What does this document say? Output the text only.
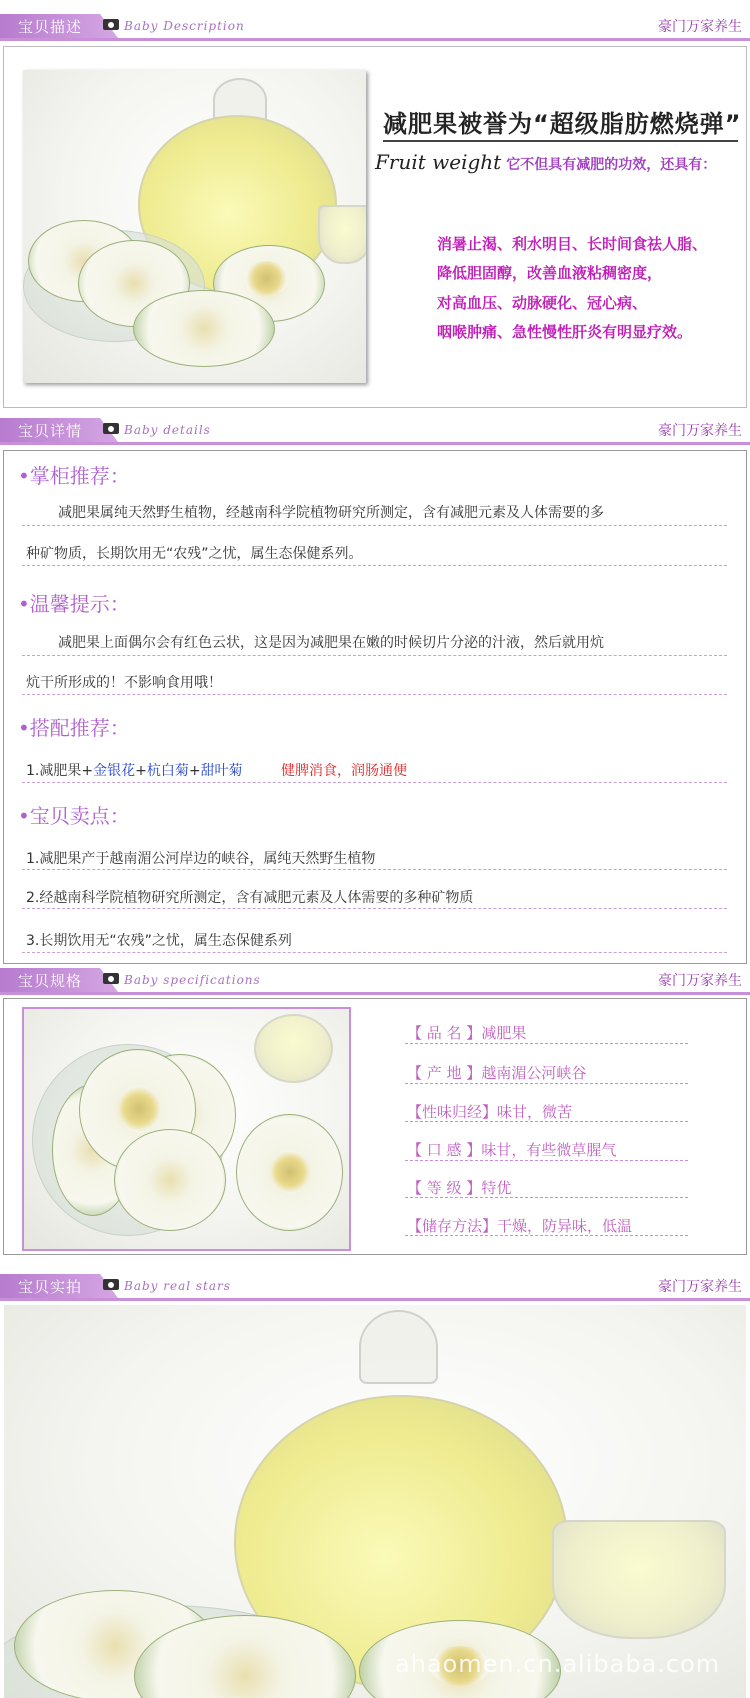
宝贝描述	Baby Description	豪门万家养生
减肥果被誉为“超级脂肪燃烧弹”
Fruit weight 它不但具有减肥的功效，还具有：
消暑止渴、利水明目、长时间食祛人脂、
降低胆固醇，改善血液粘稠密度，
对高血压、动脉硬化、冠心病、
咽喉肿痛、急性慢性肝炎有明显疗效。
宝贝详情	Baby details	豪门万家养生
•掌柜推荐：
减肥果属纯天然野生植物，经越南科学院植物研究所测定，含有减肥元素及人体需要的多
种矿物质，长期饮用无“农残”之忧，属生态保健系列。
•温馨提示：
减肥果上面偶尔会有红色云状，这是因为减肥果在嫩的时候切片分泌的汁液，然后就用炕
炕干所形成的！不影响食用哦！
•搭配推荐：
1.减肥果+金银花+杭白菊+甜叶菊	健脾消食，润肠通便
•宝贝卖点：
1.减肥果产于越南湄公河岸边的峡谷，属纯天然野生植物
2.经越南科学院植物研究所测定，含有减肥元素及人体需要的多种矿物质
3.长期饮用无“农残”之忧，属生态保健系列
宝贝规格	Baby specifications	豪门万家养生
【 品 名 】减肥果
【 产 地 】越南湄公河峡谷
【性味归经】味甘，微苦
【 口 感 】味甘，有些微草腥气
【 等 级 】特优
【储存方法】干燥，防异味，低温
宝贝实拍	Baby real stars	豪门万家养生
ahaomen.cn.alibaba.com
